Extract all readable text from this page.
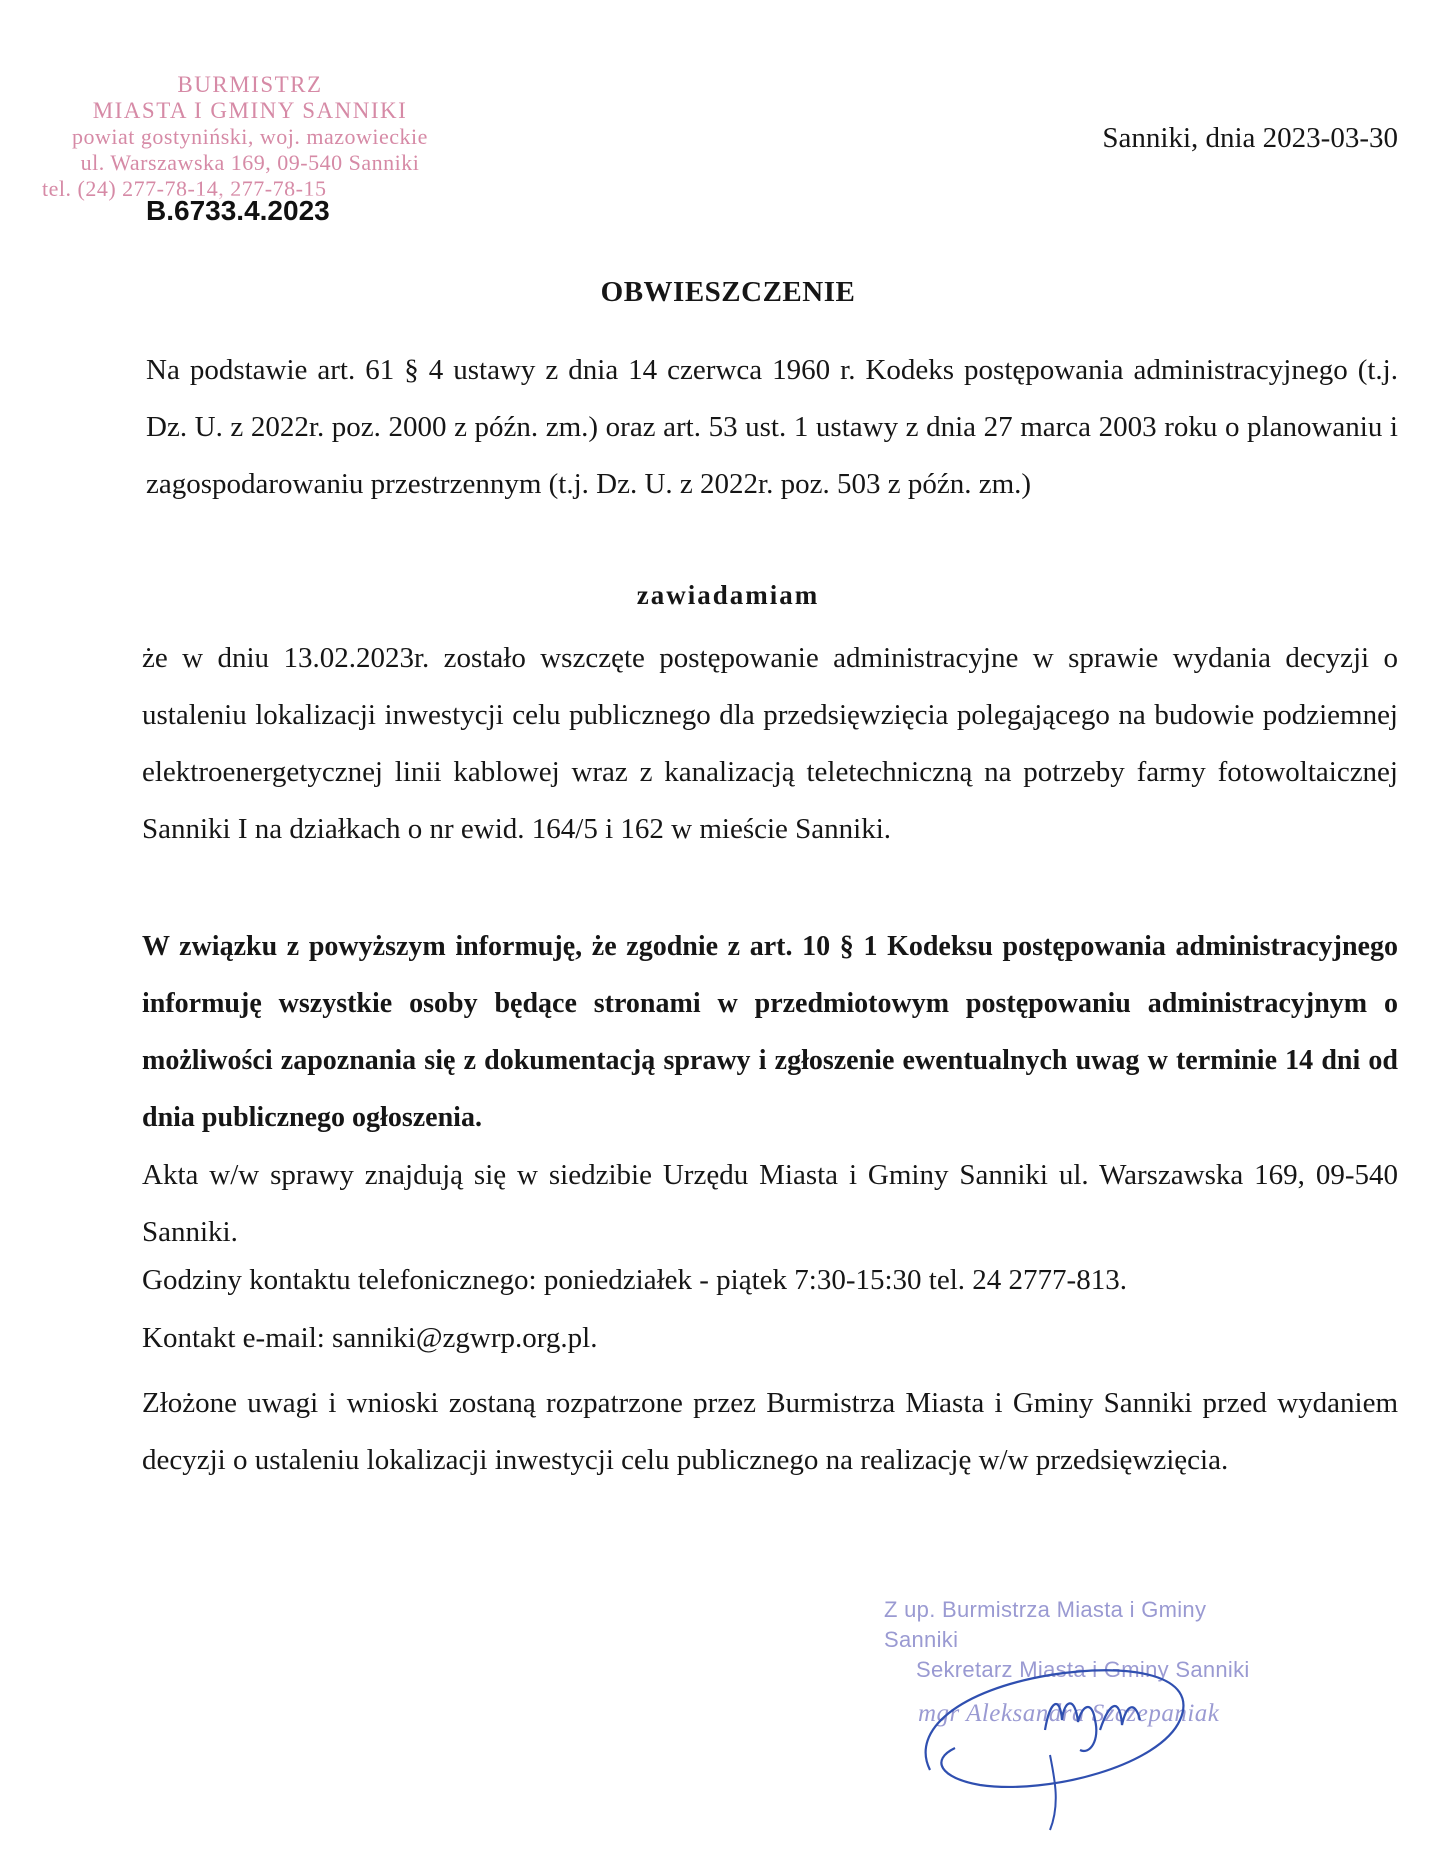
BURMISTRZ
MIASTA I GMINY SANNIKI
powiat gostyniński, woj. mazowieckie
ul. Warszawska 169, 09-540 Sanniki
tel. (24) 277-78-14, 277-78-15
B.6733.4.2023
Sanniki, dnia 2023-03-30
OBWIESZCZENIE
Na podstawie art. 61 § 4 ustawy z dnia 14 czerwca 1960 r. Kodeks postępowania administracyjnego (t.j. Dz. U. z 2022r. poz. 2000 z późn. zm.) oraz art. 53 ust. 1 ustawy z dnia 27 marca 2003 roku o planowaniu i zagospodarowaniu przestrzennym (t.j. Dz. U. z 2022r. poz. 503 z późn. zm.)
zawiadamiam
że w dniu 13.02.2023r. zostało wszczęte postępowanie administracyjne w sprawie wydania decyzji o ustaleniu lokalizacji inwestycji celu publicznego dla przedsięwzięcia polegającego na budowie podziemnej elektroenergetycznej linii kablowej wraz z kanalizacją teletechniczną na potrzeby farmy fotowoltaicznej Sanniki I na działkach o nr ewid. 164/5 i 162 w mieście Sanniki.
W związku z powyższym informuję, że zgodnie z art. 10 § 1 Kodeksu postępowania administracyjnego informuję wszystkie osoby będące stronami w przedmiotowym postępowaniu administracyjnym o możliwości zapoznania się z dokumentacją sprawy i zgłoszenie ewentualnych uwag w terminie 14 dni od dnia publicznego ogłoszenia.
Akta w/w sprawy znajdują się w siedzibie Urzędu Miasta i Gminy Sanniki ul. Warszawska 169, 09-540 Sanniki.
Godziny kontaktu telefonicznego: poniedziałek - piątek 7:30-15:30 tel. 24 2777-813.
Kontakt e-mail: sanniki@zgwrp.org.pl.
Złożone uwagi i wnioski zostaną rozpatrzone przez Burmistrza Miasta i Gminy Sanniki przed wydaniem decyzji o ustaleniu lokalizacji inwestycji celu publicznego na realizację w/w przedsięwzięcia.
Z up. Burmistrza Miasta i Gminy Sanniki
Sekretarz Miasta i Gminy Sanniki
mgr Aleksandra Szczepaniak
